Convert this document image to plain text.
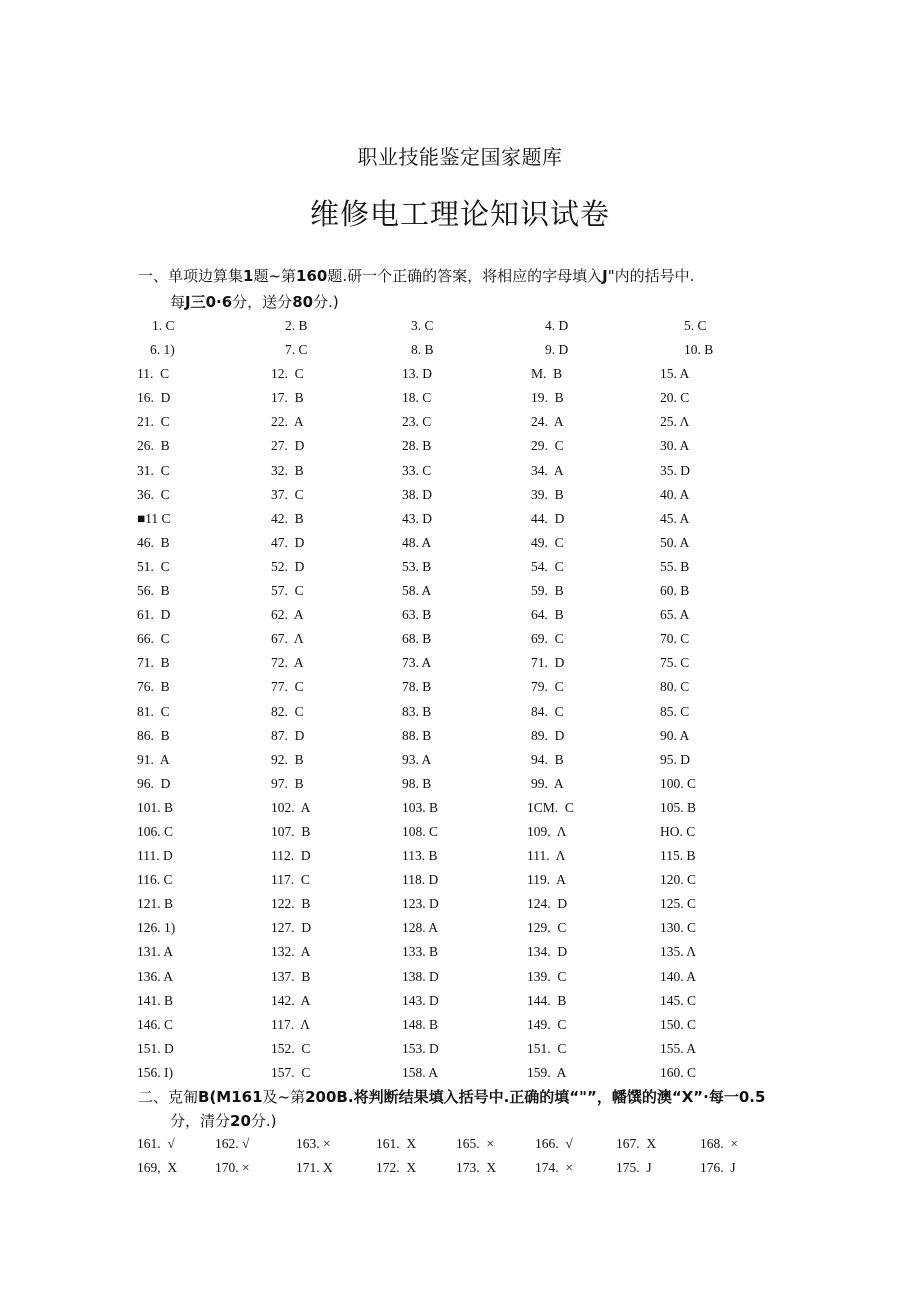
职业技能鉴定国家题库
维修电工理论知识试卷
一、单项边算集1题~第160题.研一个正确的答案，将相应的字母填入J"内的括号中.
每J三0·6分，送分80分.)
1. C	2. B	3. C	4. D	5. C
6. 1)	7. C	8. B	9. D	10. B
11.  C	12.  C	13. D	M.  B	15. A
16.  D	17.  B	18. C	19.  B	20. C
21.  C	22.  A	23. C	24.  A	25. Λ
26.  B	27.  D	28. B	29.  C	30. A
31.  C	32.  B	33. C	34.  A	35. D
36.  C	37.  C	38. D	39.  B	40. A
■11 C	42.  B	43. D	44.  D	45. A
46.  B	47.  D	48. A	49.  C	50. A
51.  C	52.  D	53. B	54.  C	55. B
56.  B	57.  C	58. A	59.  B	60. B
61.  D	62.  A	63. B	64.  B	65. A
66.  C	67.  Λ	68. B	69.  C	70. C
71.  B	72.  A	73. A	71.  D	75. C
76.  B	77.  C	78. B	79.  C	80. C
81.  C	82.  C	83. B	84.  C	85. C
86.  B	87.  D	88. B	89.  D	90. A
91.  A	92.  B	93. A	94.  B	95. D
96.  D	97.  B	98. B	99.  A	100. C
101. B	102.  A	103. B	1CM.  C	105. B
106. C	107.  B	108. C	109.  Λ	HO. C
111. D	112.  D	113. B	111.  Λ	115. B
116. C	117.  C	118. D	119.  A	120. C
121. B	122.  B	123. D	124.  D	125. C
126. 1)	127.  D	128. A	129.  C	130. C
131. A	132.  A	133. B	134.  D	135. Λ
136. A	137.  B	138. D	139.  C	140. A
141. B	142.  A	143. D	144.  B	145. C
146. C	117.  Λ	148. B	149.  C	150. C
151. D	152.  C	153. D	151.  C	155. A
156. I)	157.  C	158. A	159.  A	160. C
二、克匍B(M161及~第200B.将判断结果填入括号中.正确的填“"”，幡馔的澳“X”·每一0.5
分，清分20分.)
161.  √	162. √	163. ×	161.  X	165.  ×	166.  √	167.  X	168.  ×
169,  X	170. ×	171. X	172.  X	173.  X	174.  ×	175.  J	176.  J
